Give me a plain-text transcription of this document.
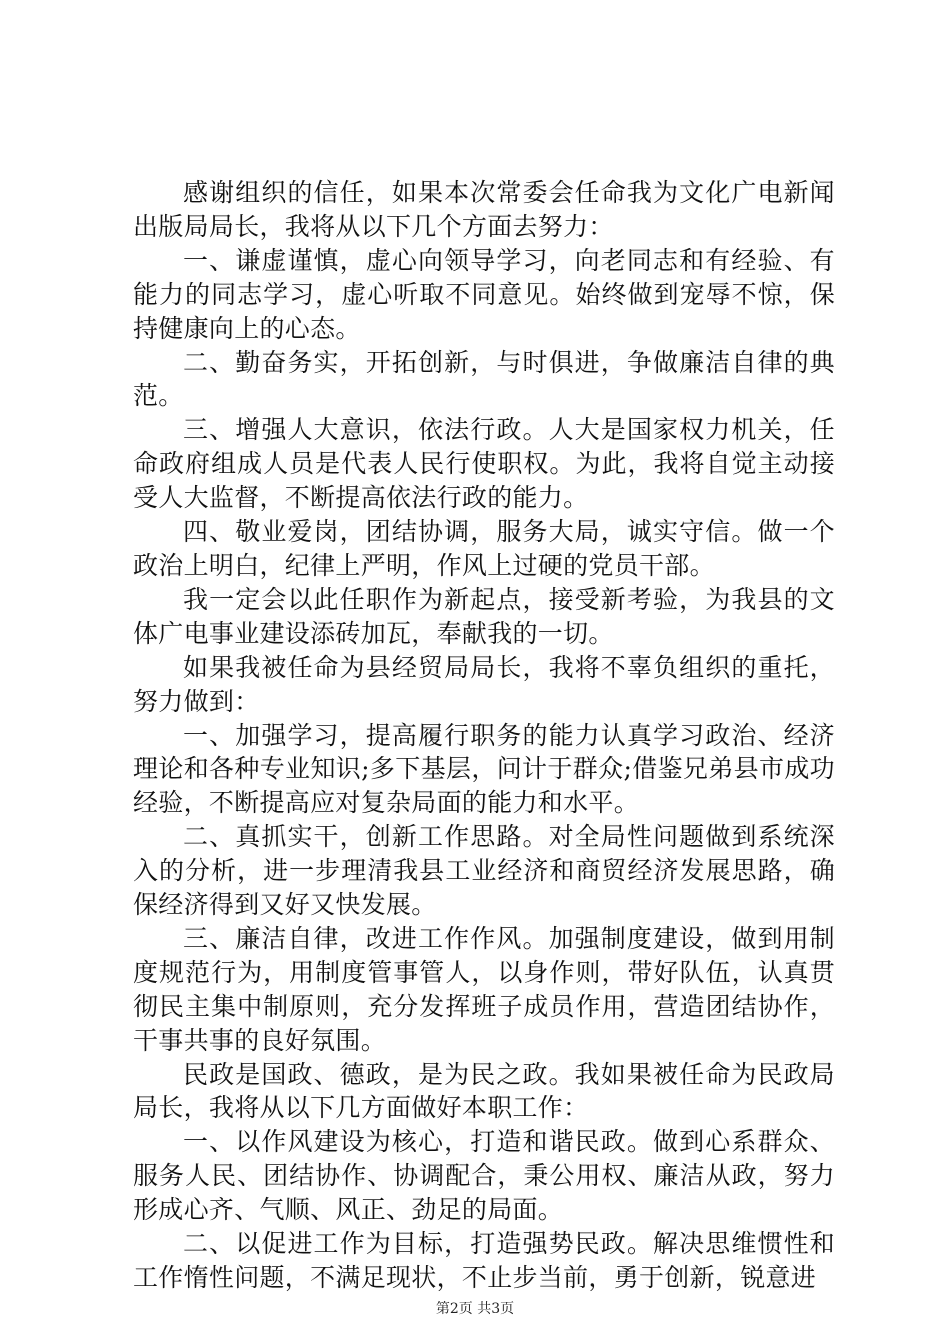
感谢组织的信任，如果本次常委会任命我为文化广电新闻出版局局长，我将从以下几个方面去努力：

一、谦虚谨慎，虚心向领导学习，向老同志和有经验、有能力的同志学习，虚心听取不同意见。始终做到宠辱不惊，保持健康向上的心态。

二、勤奋务实，开拓创新，与时俱进，争做廉洁自律的典范。

三、增强人大意识，依法行政。人大是国家权力机关，任命政府组成人员是代表人民行使职权。为此，我将自觉主动接受人大监督，不断提高依法行政的能力。

四、敬业爱岗，团结协调，服务大局，诚实守信。做一个政治上明白，纪律上严明，作风上过硬的党员干部。

我一定会以此任职作为新起点，接受新考验，为我县的文体广电事业建设添砖加瓦，奉献我的一切。

如果我被任命为县经贸局局长，我将不辜负组织的重托，努力做到：

一、加强学习，提高履行职务的能力认真学习政治、经济理论和各种专业知识;多下基层，问计于群众;借鉴兄弟县市成功经验，不断提高应对复杂局面的能力和水平。

二、真抓实干，创新工作思路。对全局性问题做到系统深入的分析，进一步理清我县工业经济和商贸经济发展思路，确保经济得到又好又快发展。

三、廉洁自律，改进工作作风。加强制度建设，做到用制度规范行为，用制度管事管人，以身作则，带好队伍，认真贯彻民主集中制原则，充分发挥班子成员作用，营造团结协作，干事共事的良好氛围。

民政是国政、德政，是为民之政。我如果被任命为民政局局长，我将从以下几方面做好本职工作：

一、以作风建设为核心，打造和谐民政。做到心系群众、服务人民、团结协作、协调配合，秉公用权、廉洁从政，努力形成心齐、气顺、风正、劲足的局面。

二、以促进工作为目标，打造强势民政。解决思维惯性和工作惰性问题，不满足现状，不止步当前，勇于创新，锐意进

第2页 共3页
